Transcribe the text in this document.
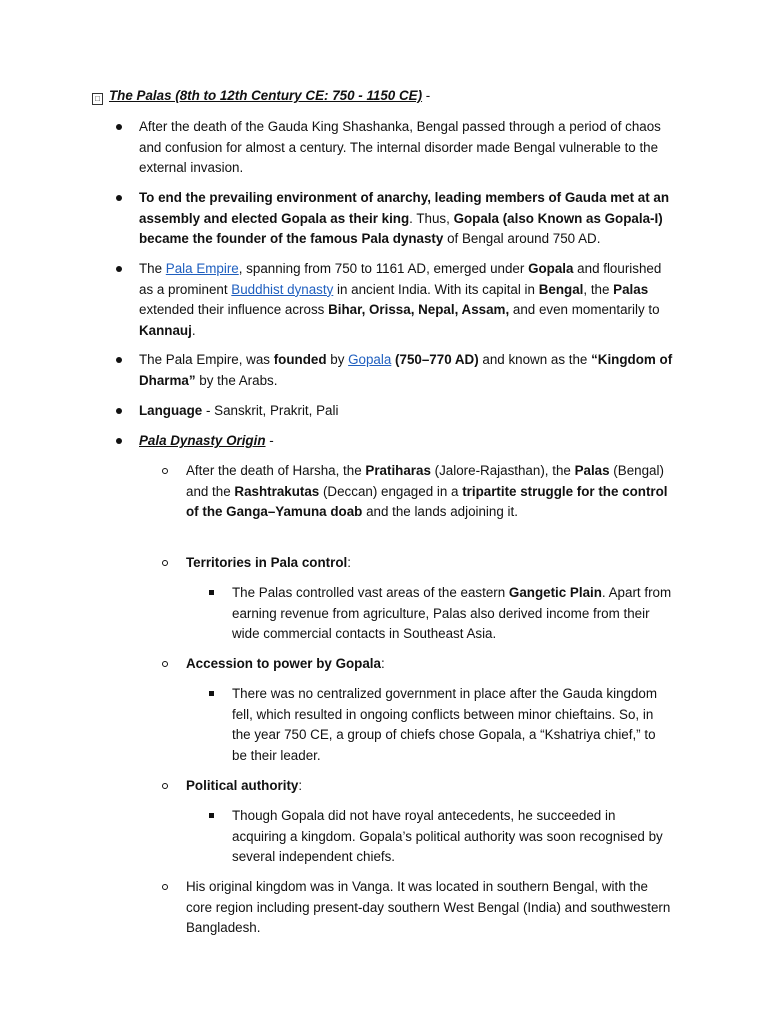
□ The Palas (8th to 12th Century CE: 750 - 1150 CE) -
After the death of the Gauda King Shashanka, Bengal passed through a period of chaos and confusion for almost a century. The internal disorder made Bengal vulnerable to the external invasion.
To end the prevailing environment of anarchy, leading members of Gauda met at an assembly and elected Gopala as their king. Thus, Gopala (also Known as Gopala-I) became the founder of the famous Pala dynasty of Bengal around 750 AD.
The Pala Empire, spanning from 750 to 1161 AD, emerged under Gopala and flourished as a prominent Buddhist dynasty in ancient India. With its capital in Bengal, the Palas extended their influence across Bihar, Orissa, Nepal, Assam, and even momentarily to Kannauj.
The Pala Empire, was founded by Gopala (750–770 AD) and known as the “Kingdom of Dharma” by the Arabs.
Language - Sanskrit, Prakrit, Pali
Pala Dynasty Origin -
After the death of Harsha, the Pratiharas (Jalore-Rajasthan), the Palas (Bengal) and the Rashtrakutas (Deccan) engaged in a tripartite struggle for the control of the Ganga–Yamuna doab and the lands adjoining it.
Territories in Pala control:
The Palas controlled vast areas of the eastern Gangetic Plain. Apart from earning revenue from agriculture, Palas also derived income from their wide commercial contacts in Southeast Asia.
Accession to power by Gopala:
There was no centralized government in place after the Gauda kingdom fell, which resulted in ongoing conflicts between minor chieftains. So, in the year 750 CE, a group of chiefs chose Gopala, a “Kshatriya chief,” to be their leader.
Political authority:
Though Gopala did not have royal antecedents, he succeeded in acquiring a kingdom. Gopala’s political authority was soon recognised by several independent chiefs.
His original kingdom was in Vanga. It was located in southern Bengal, with the core region including present-day southern West Bengal (India) and southwestern Bangladesh.
